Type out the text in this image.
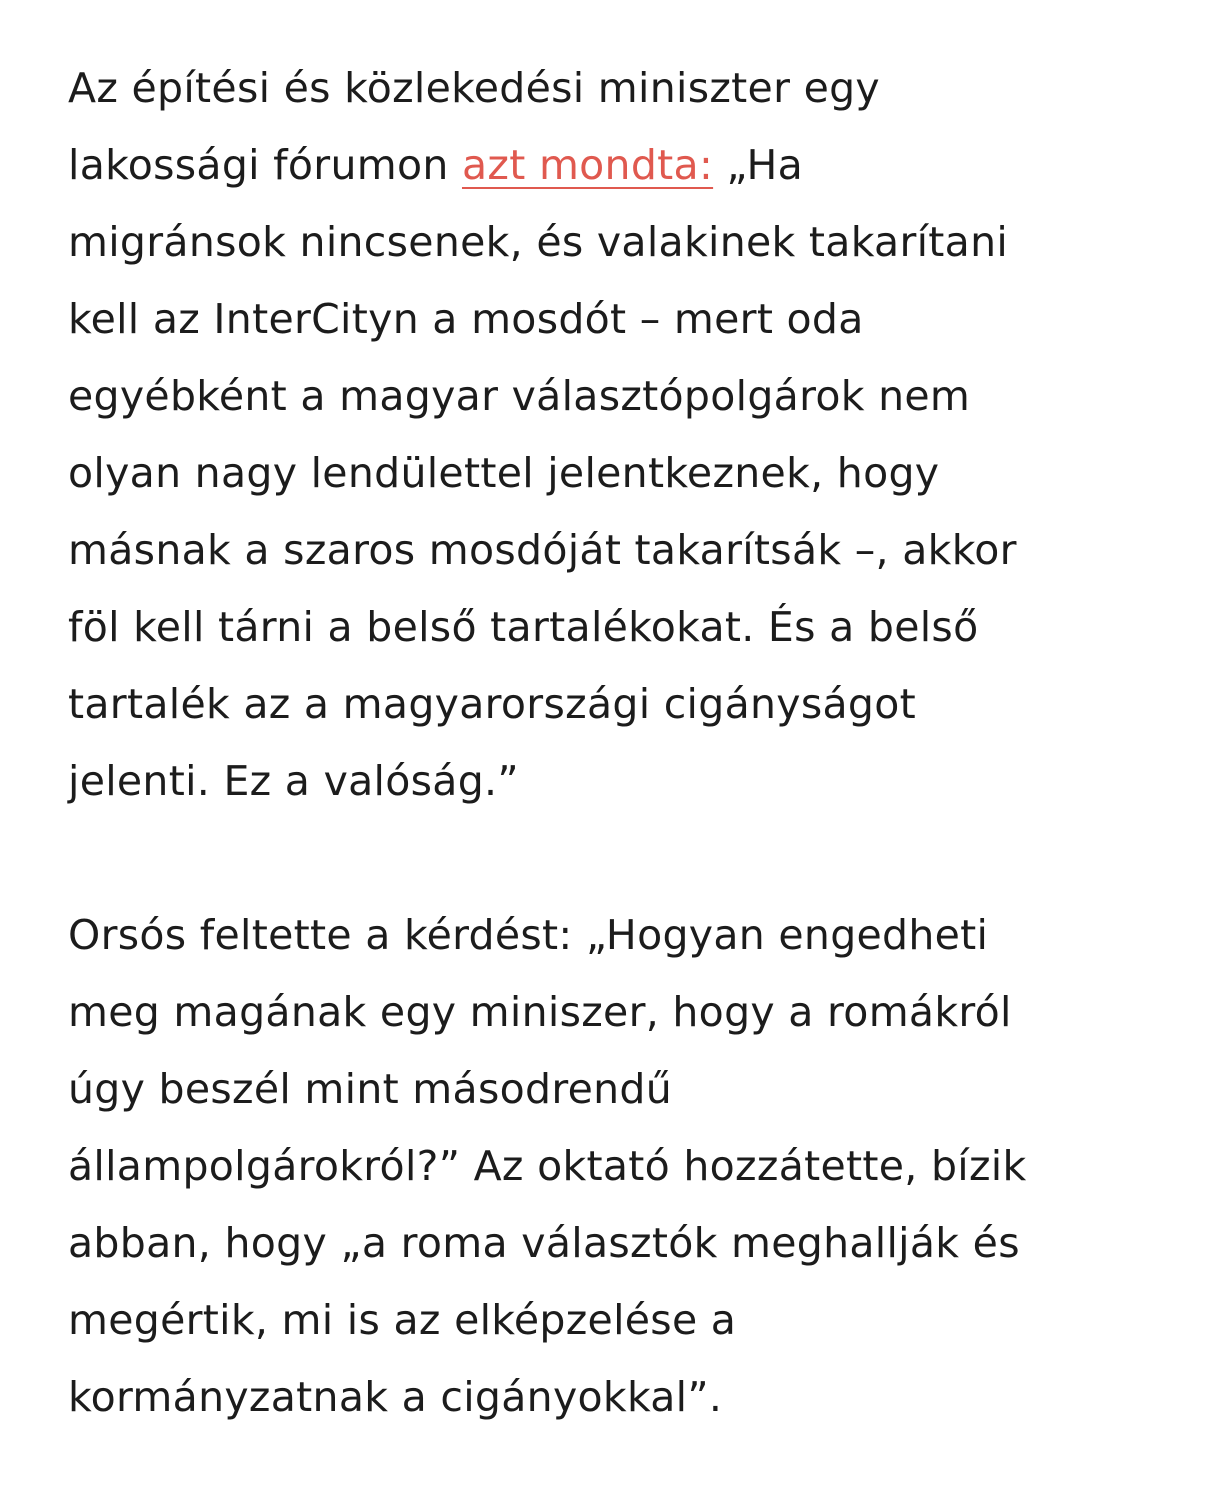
Az építési és közlekedési miniszter egy
lakossági fórumon azt mondta: „Ha
migránsok nincsenek, és valakinek takarítani
kell az InterCityn a mosdót – mert oda
egyébként a magyar választópolgárok nem
olyan nagy lendülettel jelentkeznek, hogy
másnak a szaros mosdóját takarítsák –, akkor
föl kell tárni a belső tartalékokat. És a belső
tartalék az a magyarországi cigányságot
jelenti. Ez a valóság.”

Orsós feltette a kérdést: „Hogyan engedheti
meg magának egy miniszer, hogy a romákról
úgy beszél mint másodrendű
állampolgárokról?” Az oktató hozzátette, bízik
abban, hogy „a roma választók meghallják és
megértik, mi is az elképzelése a
kormányzatnak a cigányokkal”.
